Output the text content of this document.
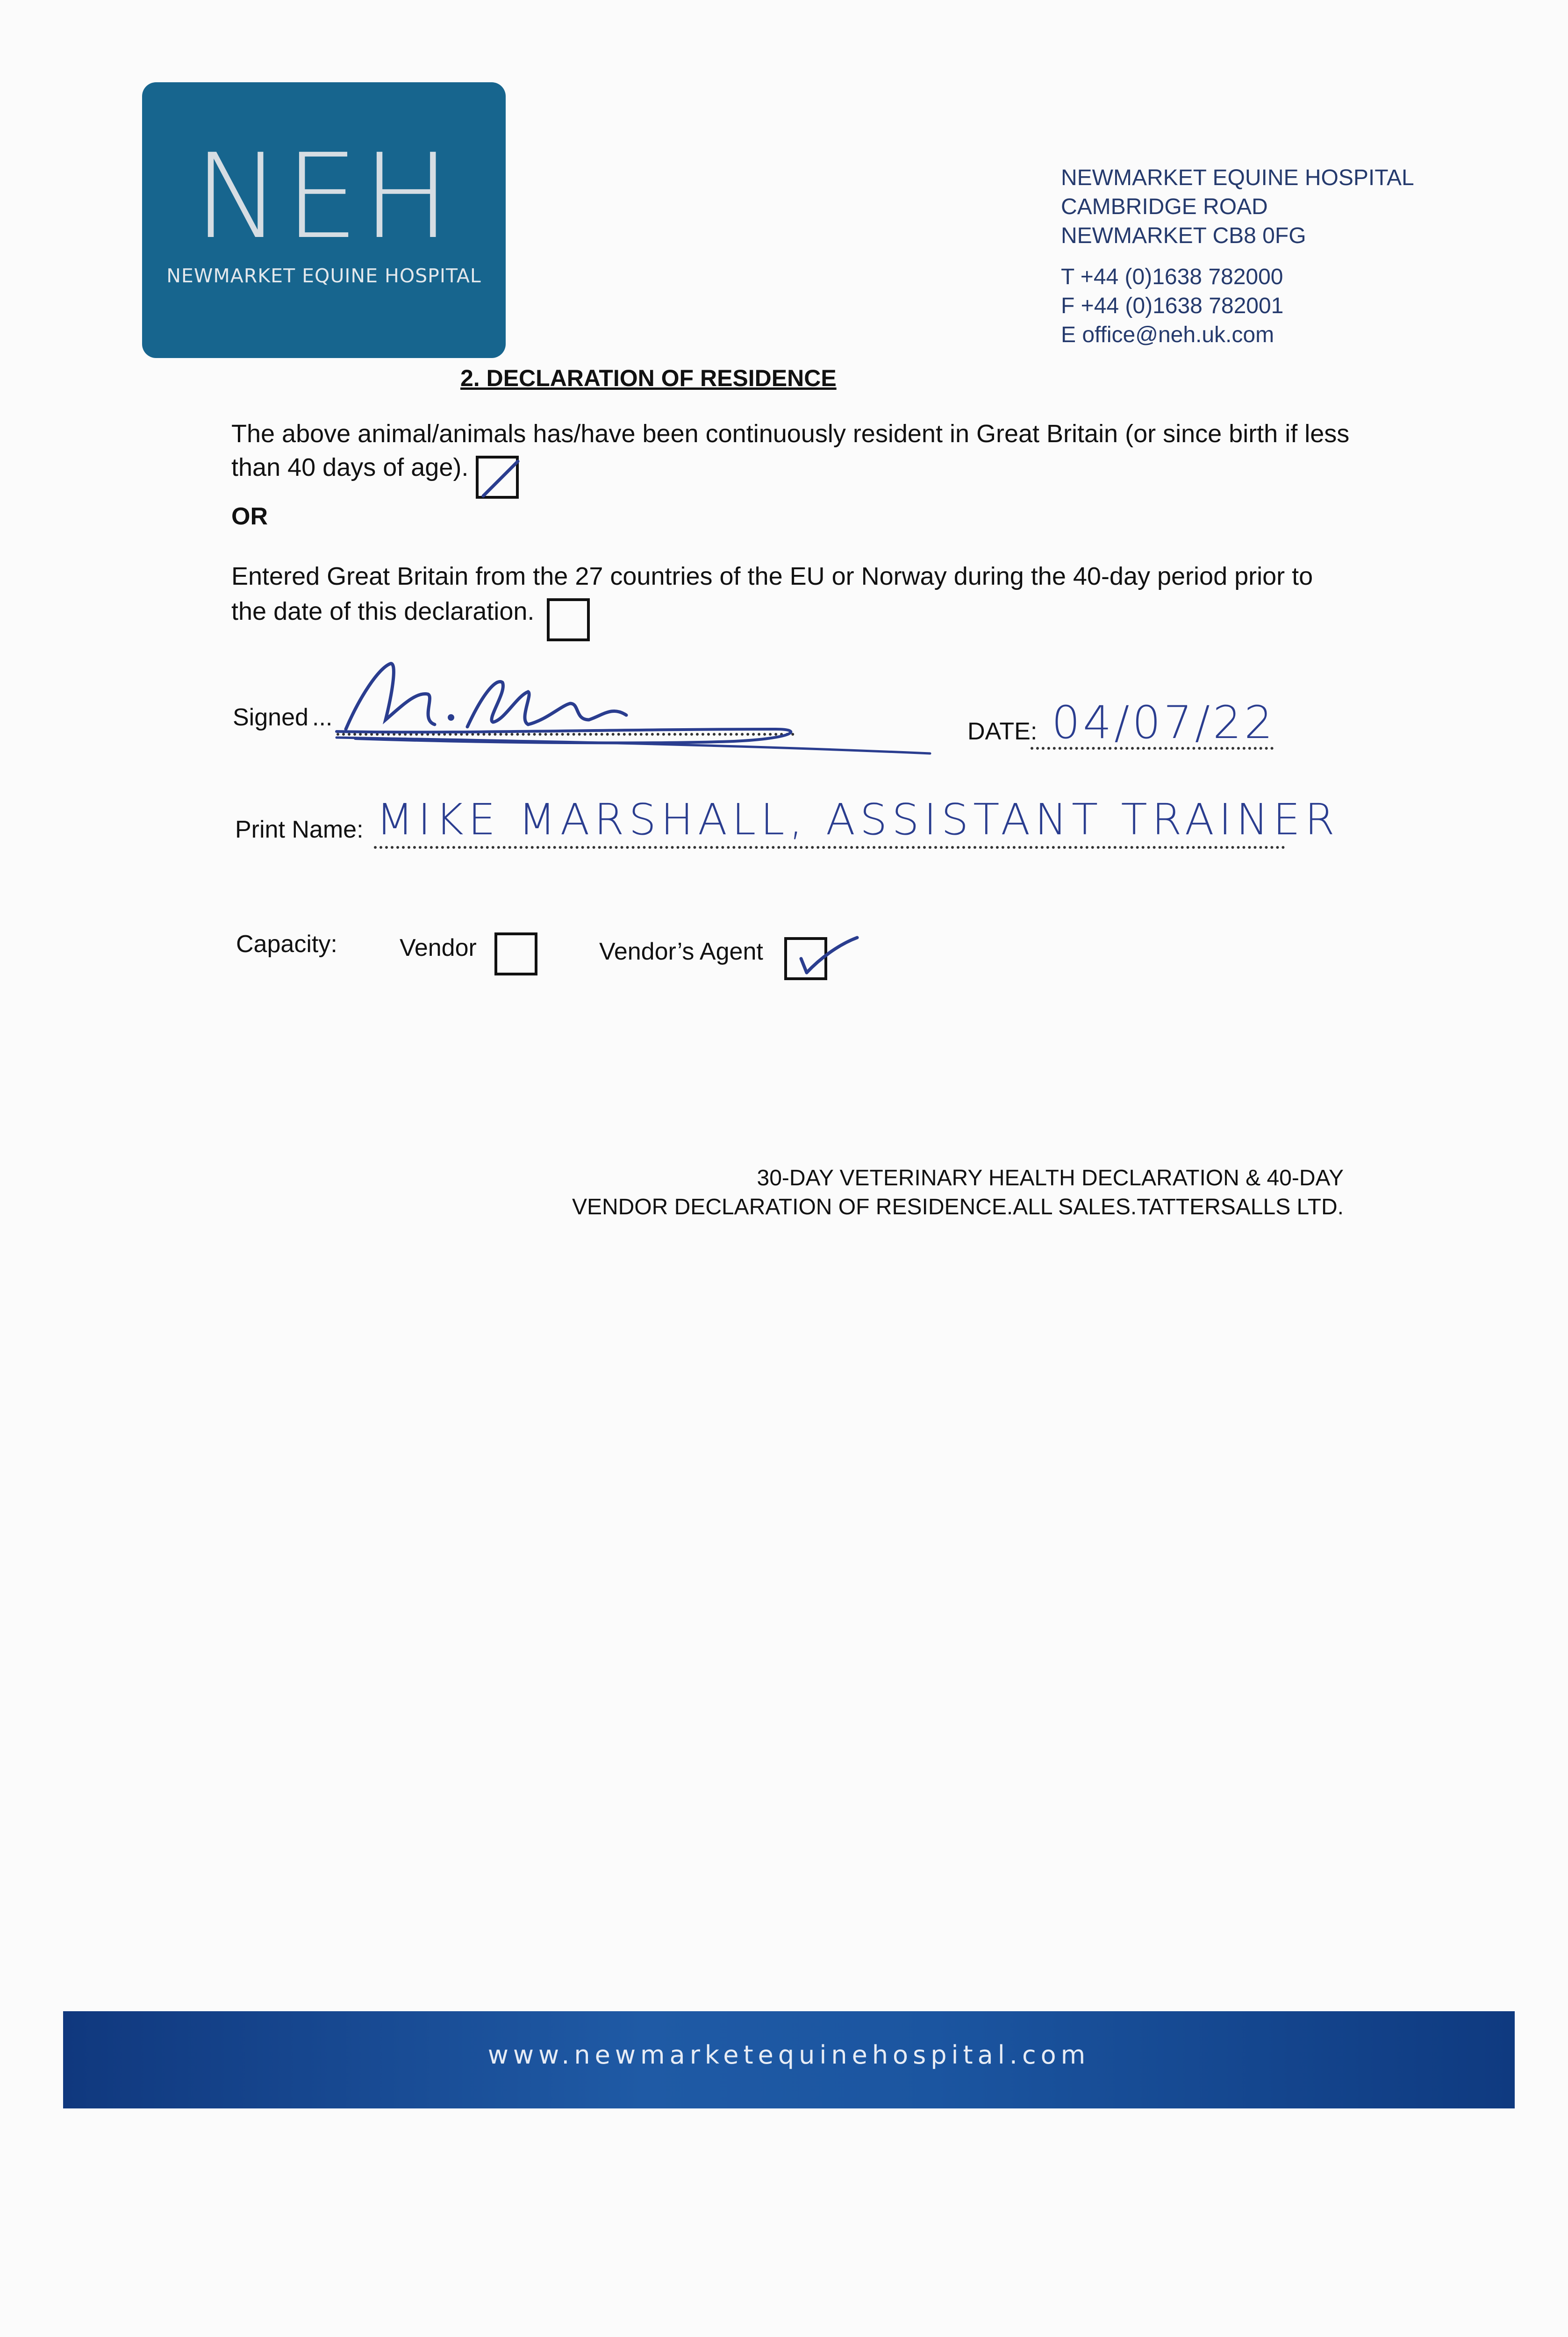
NEH
NEWMARKET EQUINE HOSPITAL
NEWMARKET EQUINE HOSPITAL
CAMBRIDGE ROAD
NEWMARKET CB8 0FG
T +44 (0)1638 782000
F +44 (0)1638 782001
E office@neh.uk.com
2. DECLARATION OF RESIDENCE
The above animal/animals has/have been continuously resident in Great Britain (or since birth if less
than 40 days of age).
OR
Entered Great Britain from the 27 countries of the EU or Norway during the 40-day period prior to
the date of this declaration.
Signed ...
DATE: 04/07/22
Print Name: MIKE MARSHALL, ASSISTANT TRAINER
Capacity:	Vendor	Vendor’s Agent
30-DAY VETERINARY HEALTH DECLARATION & 40-DAY
VENDOR DECLARATION OF RESIDENCE.ALL SALES.TATTERSALLS LTD.
www.newmarketequinehospital.com
